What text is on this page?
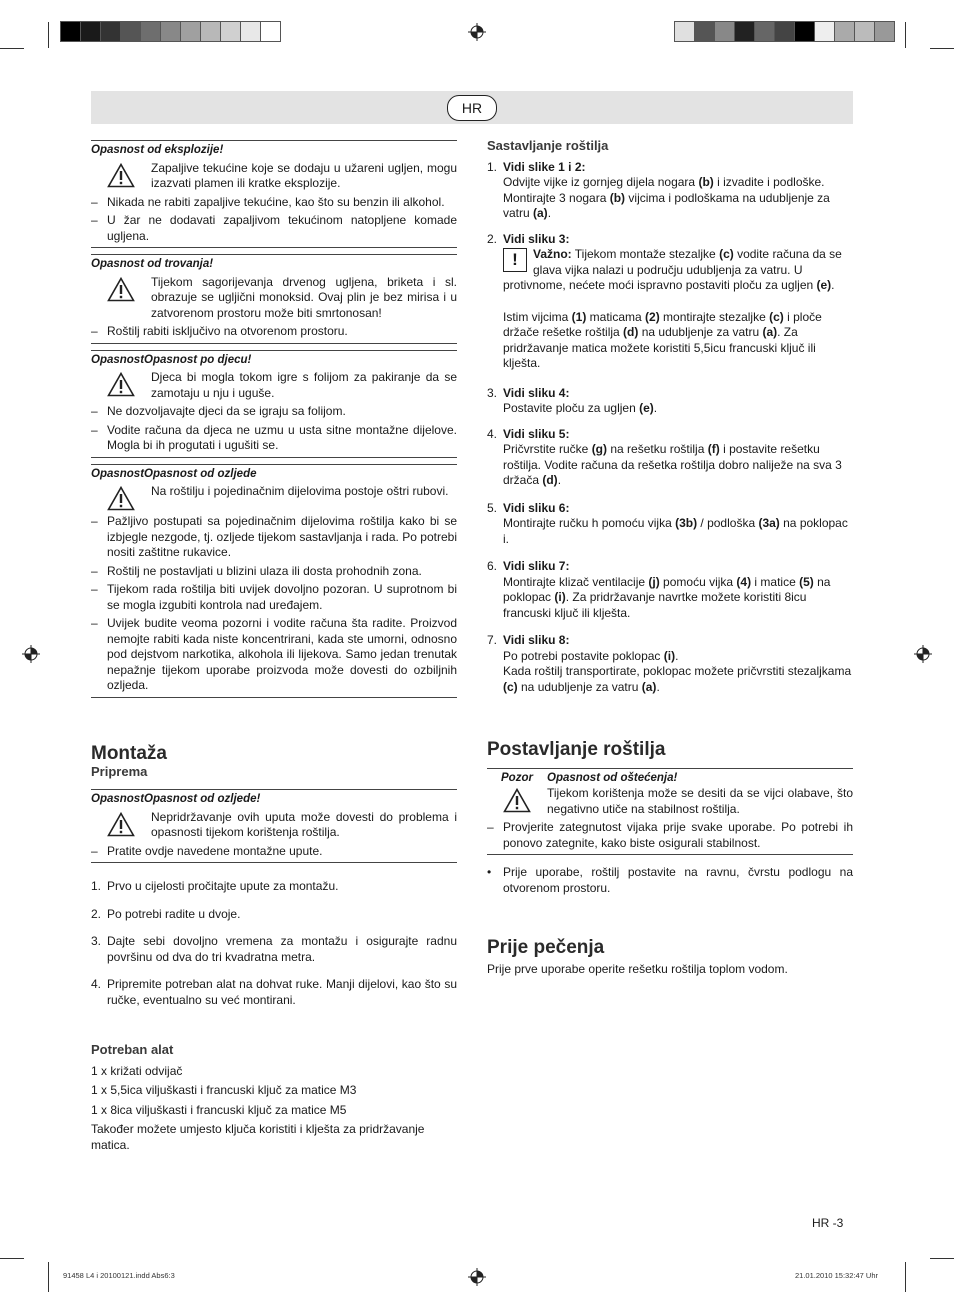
HR
Opasnost od eksplozije!
Zapaljive tekućine koje se dodaju u užareni ugljen, mogu izazvati plamen ili kratke eksplozije.
– Nikada ne rabiti zapaljive tekućine, kao što su benzin ili alkohol.
– U žar ne dodavati zapaljivom tekućinom natopljene komade ugljena.
Opasnost od trovanja!
Tijekom sagorijevanja drvenog ugljena, briketa i sl. obrazuje se ugljični monoksid. Ovaj plin je bez mirisa i u zatvorenom prostoru može biti smrtonosan!
– Roštilj rabiti isključivo na otvorenom prostoru.
OpasnostOpasnost po djecu!
Djeca bi mogla tokom igre s folijom za pakiranje da se zamotaju u nju i uguše.
– Ne dozvoljavajte djeci da se igraju sa folijom.
– Vodite računa da djeca ne uzmu u usta sitne montažne dijelove. Mogla bi ih progutati i ugušiti se.
OpasnostOpasnost od ozljede
Na roštilju i pojedinačnim dijelovima postoje oštri rubovi.
– Pažljivo postupati sa pojedinačnim dijelovima roštilja kako bi se izbjegle nezgode, tj. ozljede tijekom sastavljanja i rada. Po potrebi nositi zaštitne rukavice.
– Roštilj ne postavljati u blizini ulaza ili dosta prohodnih zona.
– Tijekom rada roštilja biti uvijek dovoljno pozoran. U suprotnom bi se mogla izgubiti kontrola nad uređajem.
– Uvijek budite veoma pozorni i vodite računa šta radite. Proizvod nemojte rabiti kada niste koncentrirani, kada ste umorni, odnosno pod dejstvom narkotika, alkohola ili lijekova. Samo jedan trenutak nepažnje tijekom uporabe proizvoda može dovesti do ozbiljnih ozljeda.
Montaža
Priprema
OpasnostOpasnost od ozljede!
Nepridržavanje ovih uputa može dovesti do problema i opasnosti tijekom korištenja roštilja.
– Pratite ovdje navedene montažne upute.
1. Prvo u cijelosti pročitajte upute za montažu.
2. Po potrebi radite u dvoje.
3. Dajte sebi dovoljno vremena za montažu i osigurajte radnu površinu od dva do tri kvadratna metra.
4. Pripremite potreban alat na dohvat ruke. Manji dijelovi, kao što su ručke, eventualno su već montirani.
Potreban alat
1 x križati odvijač
1 x 5,5ica viljuškasti i francuski ključ za matice M3
1 x 8ica viljuškasti i francuski ključ za matice M5
Također možete umjesto ključa koristiti i klješta za pridržavanje matica.
Sastavljanje roštilja
1. Vidi slike 1 i 2:
Odvijte vijke iz gornjeg dijela nogara (b) i izvadite i podloške. Montirajte 3 nogara (b) vijcima i podloškama na udubljenje za vatru (a).
2. Vidi sliku 3:
!	Važno: Tijekom montaže stezaljke (c) vodite računa da se glava vijka nalazi u području udubljenja za vatru. U protivnome, nećete moći ispravno postaviti ploču za ugljen (e).
Istim vijcima (1) maticama (2) montirajte stezaljke (c) i ploče držače rešetke roštilja (d) na udubljenje za vatru (a). Za pridržavanje matica možete koristiti 5,5icu francuski ključ ili klješta.
3. Vidi sliku 4:
Postavite ploču za ugljen (e).
4. Vidi sliku 5:
Pričvrstite ručke (g) na rešetku roštilja (f) i postavite rešetku roštilja. Vodite računa da rešetka roštilja dobro naliježe na sva 3 držača (d).
5. Vidi sliku 6:
Montirajte ručku h pomoću vijka (3b) / podloška (3a) na poklopac i.
6. Vidi sliku 7:
Montirajte klizač ventilacije (j) pomoću vijka (4) i matice (5) na poklopac (i). Za pridržavanje navrtke možete koristiti 8icu francuski ključ ili klješta.
7. Vidi sliku 8:
Po potrebi postavite poklopac (i).
Kada roštilj transportirate, poklopac možete pričvrstiti stezaljkama (c) na udubljenje za vatru (a).
Postavljanje roštilja
Pozor	Opasnost od oštećenja!
Tijekom korištenja može se desiti da se vijci olabave, što negativno utiče na stabilnost roštilja.
– Provjerite zategnutost vijaka prije svake uporabe. Po potrebi ih ponovo zategnite, kako biste osigurali stabilnost.
• Prije uporabe, roštilj postavite na ravnu, čvrstu podlogu na otvorenom prostoru.
Prije pečenja
Prije prve uporabe operite rešetku roštilja toplom vodom.
HR -3
91458 L4 i 20100121.indd Abs6:3	21.01.2010 15:32:47 Uhr
